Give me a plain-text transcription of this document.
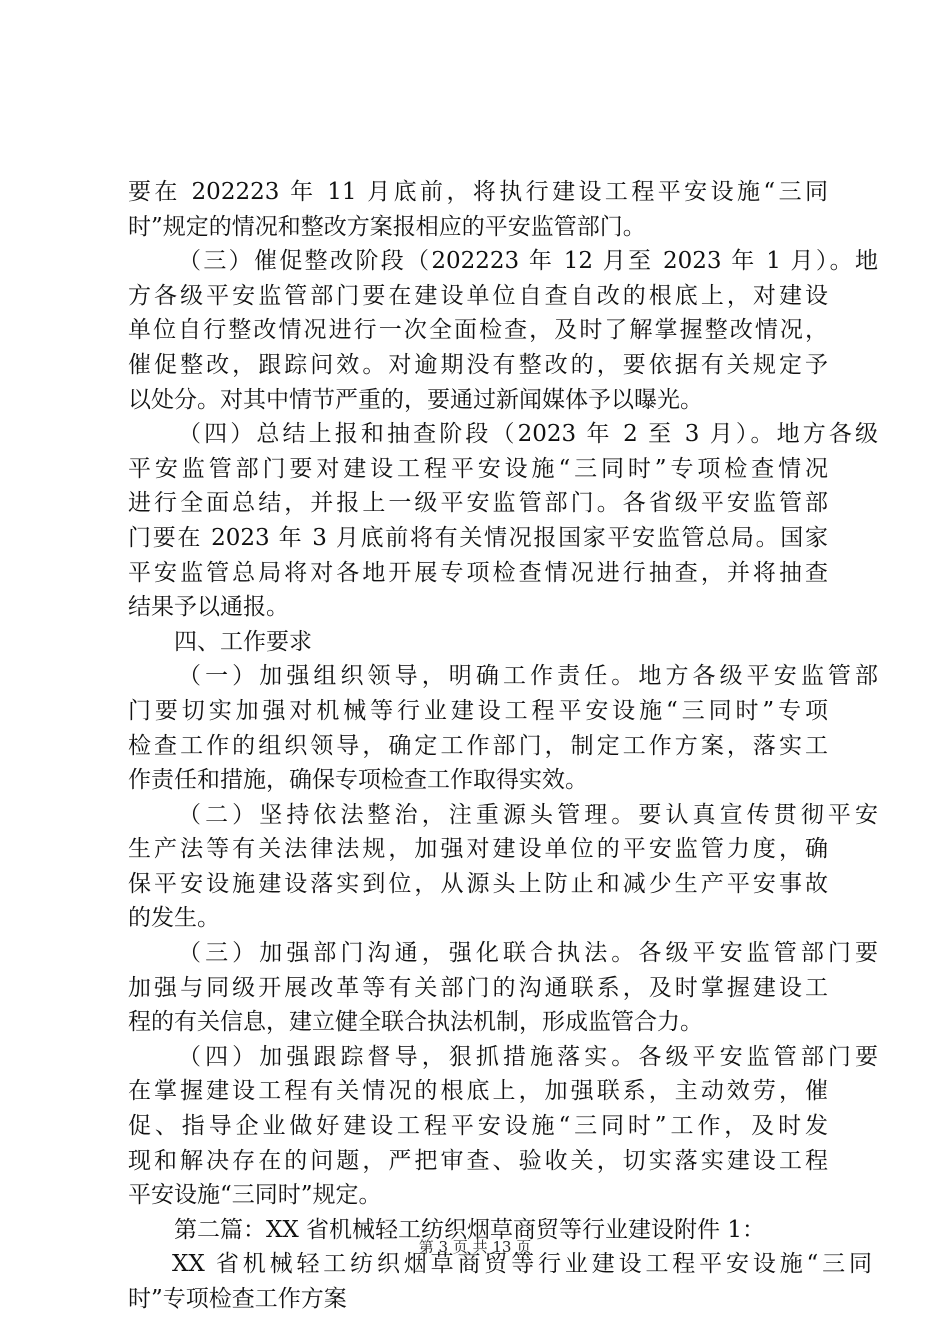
要在 202223 年 11 月底前，将执行建设工程平安设施“三同
时”规定的情况和整改方案报相应的平安监管部门。
（三）催促整改阶段（202223 年 12 月至 2023 年 1 月）。地
方各级平安监管部门要在建设单位自查自改的根底上，对建设
单位自行整改情况进行一次全面检查，及时了解掌握整改情况，
催促整改，跟踪问效。对逾期没有整改的，要依据有关规定予
以处分。对其中情节严重的，要通过新闻媒体予以曝光。
（四）总结上报和抽查阶段（2023 年 2 至 3 月）。地方各级
平安监管部门要对建设工程平安设施“三同时”专项检查情况
进行全面总结，并报上一级平安监管部门。各省级平安监管部
门要在 2023 年 3 月底前将有关情况报国家平安监管总局。国家
平安监管总局将对各地开展专项检查情况进行抽查，并将抽查
结果予以通报。
四、工作要求
（一）加强组织领导，明确工作责任。地方各级平安监管部
门要切实加强对机械等行业建设工程平安设施“三同时”专项
检查工作的组织领导，确定工作部门，制定工作方案，落实工
作责任和措施，确保专项检查工作取得实效。
（二）坚持依法整治，注重源头管理。要认真宣传贯彻平安
生产法等有关法律法规，加强对建设单位的平安监管力度，确
保平安设施建设落实到位，从源头上防止和减少生产平安事故
的发生。
（三）加强部门沟通，强化联合执法。各级平安监管部门要
加强与同级开展改革等有关部门的沟通联系，及时掌握建设工
程的有关信息，建立健全联合执法机制，形成监管合力。
（四）加强跟踪督导，狠抓措施落实。各级平安监管部门要
在掌握建设工程有关情况的根底上，加强联系，主动效劳，催
促、指导企业做好建设工程平安设施“三同时”工作，及时发
现和解决存在的问题，严把审查、验收关，切实落实建设工程
平安设施“三同时”规定。
第二篇：XX 省机械轻工纺织烟草商贸等行业建设附件 1：
XX 省机械轻工纺织烟草商贸等行业建设工程平安设施“三同
时”专项检查工作方案
第 3 页 共 13 页
